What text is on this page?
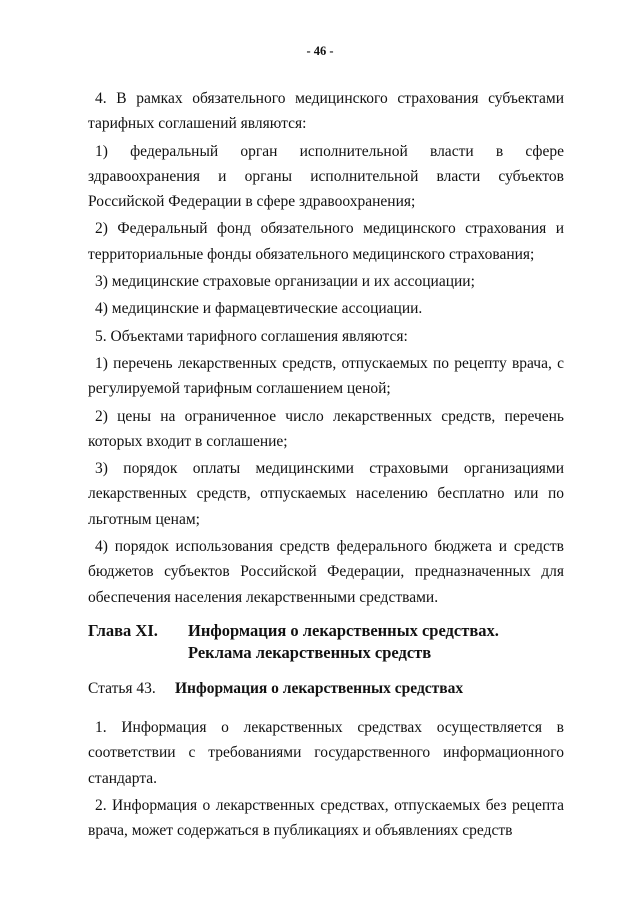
- 46 -

4. В рамках обязательного медицинского страхования субъектами тарифных соглашений являются:

1) федеральный орган исполнительной власти в сфере здравоохранения и органы исполнительной власти субъектов Российской Федерации в сфере здравоохранения;

2) Федеральный фонд обязательного медицинского страхования и территориальные фонды обязательного медицинского страхования;

3) медицинские страховые организации и их ассоциации;

4) медицинские и фармацевтические ассоциации.

5. Объектами тарифного соглашения являются:

1) перечень лекарственных средств, отпускаемых по рецепту врача, с регулируемой тарифным соглашением ценой;

2) цены на ограниченное число лекарственных средств, перечень которых входит в соглашение;

3) порядок оплаты медицинскими страховыми организациями лекарственных средств, отпускаемых населению бесплатно или по льготным ценам;

4) порядок использования средств федерального бюджета и средств бюджетов субъектов Российской Федерации, предназначенных для обеспечения населения лекарственными средствами.

Глава XI. Информация о лекарственных средствах.
Реклама лекарственных средств
Статья 43. Информация о лекарственных средствах

1. Информация о лекарственных средствах осуществляется в соответствии с требованиями государственного информационного стандарта.

2. Информация о лекарственных средствах, отпускаемых без рецепта врача, может содержаться в публикациях и объявлениях средств
